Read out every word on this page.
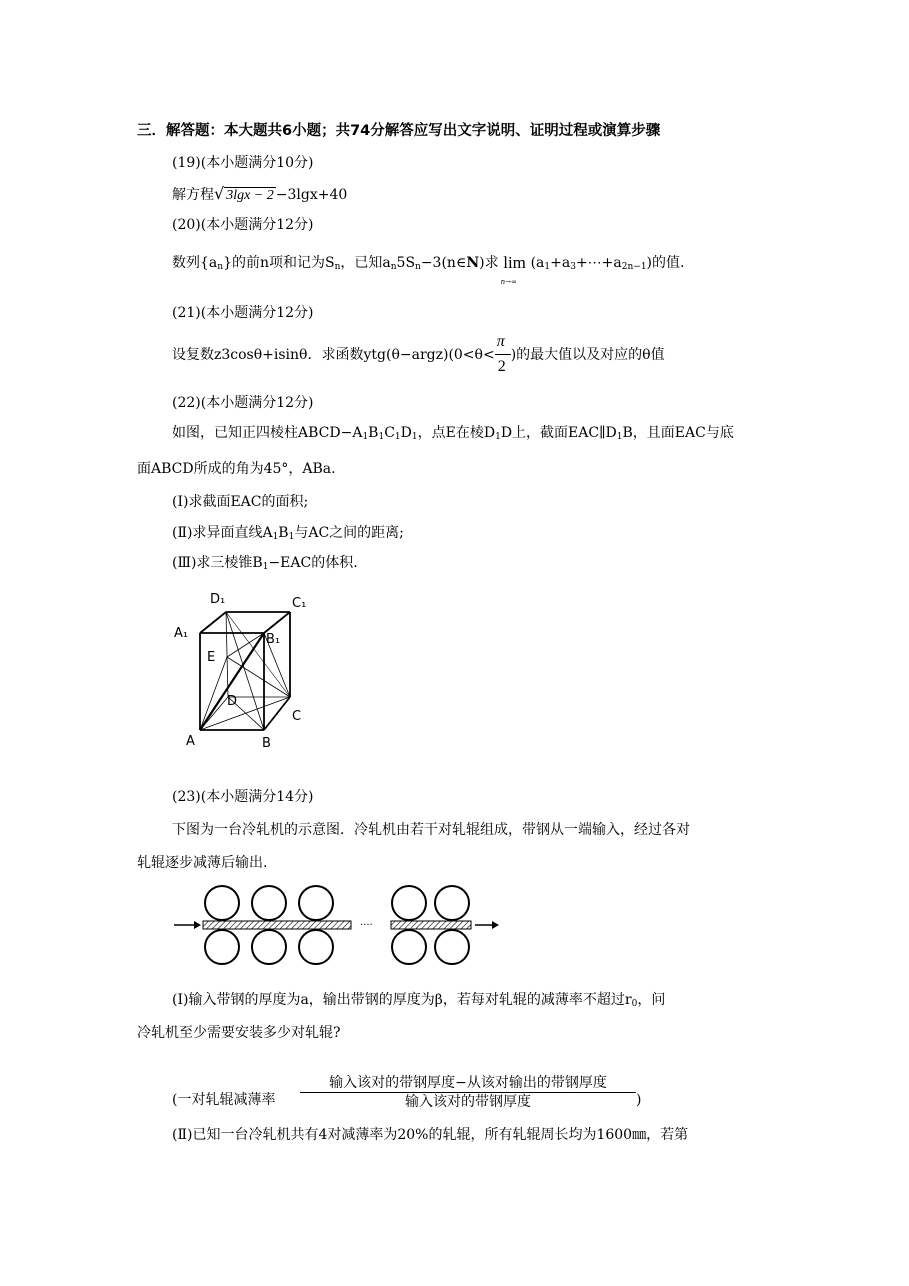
三．解答题：本大题共6小题；共74分解答应写出文字说明、证明过程或演算步骤
(19)(本小题满分10分)
解方程√ 3lgx − 2 −3lgx+40
(20)(本小题满分12分)
数列$\{a_n\}$的前n项和记为$S_n$，已知$a_n5S_n-3(n\in N)$求 lim
n→∞
$(a_1+a_3+\cdots+a_{2n-1})$的值.
(21)(本小题满分12分)
设复数z3cosθ+isinθ．求函数ytg(θ−argz)(0<θ< $\frac{\pi}{2}$ )的最大值以及对应的θ值
(22)(本小题满分12分)
如图，已知正四棱柱$ABCD-A_1B_1C_1D_1$，点E在棱$D_1D$上，截面$EAC\parallel D_1B$，且面EAC与底
面ABCD所成的角为45°，ABa.
(Ⅰ)求截面EAC的面积;
(Ⅱ)求异面直线$A_1B_1$与AC之间的距离;
(Ⅲ)求三棱锥$B_1-EAC$的体积.
D₁	C₁
A₁	B₁
E
D
C
A	B
(23)(本小题满分14分)
下图为一台冷轧机的示意图．冷轧机由若干对轧辊组成，带钢从一端输入，经过各对
轧辊逐步减薄后输出.
····
(Ⅰ)输入带钢的厚度为a，输出带钢的厚度为β，若每对轧辊的减薄率不超过$r_0$，问
冷轧机至少需要安装多少对轧辊?
(一对轧辊减薄率
输入该对的带钢厚度−从该对输出的带钢厚度
输入该对的带钢厚度	)
(Ⅱ)已知一台冷轧机共有4对减薄率为20%的轧辊，所有轧辊周长均为1600㎜，若第
